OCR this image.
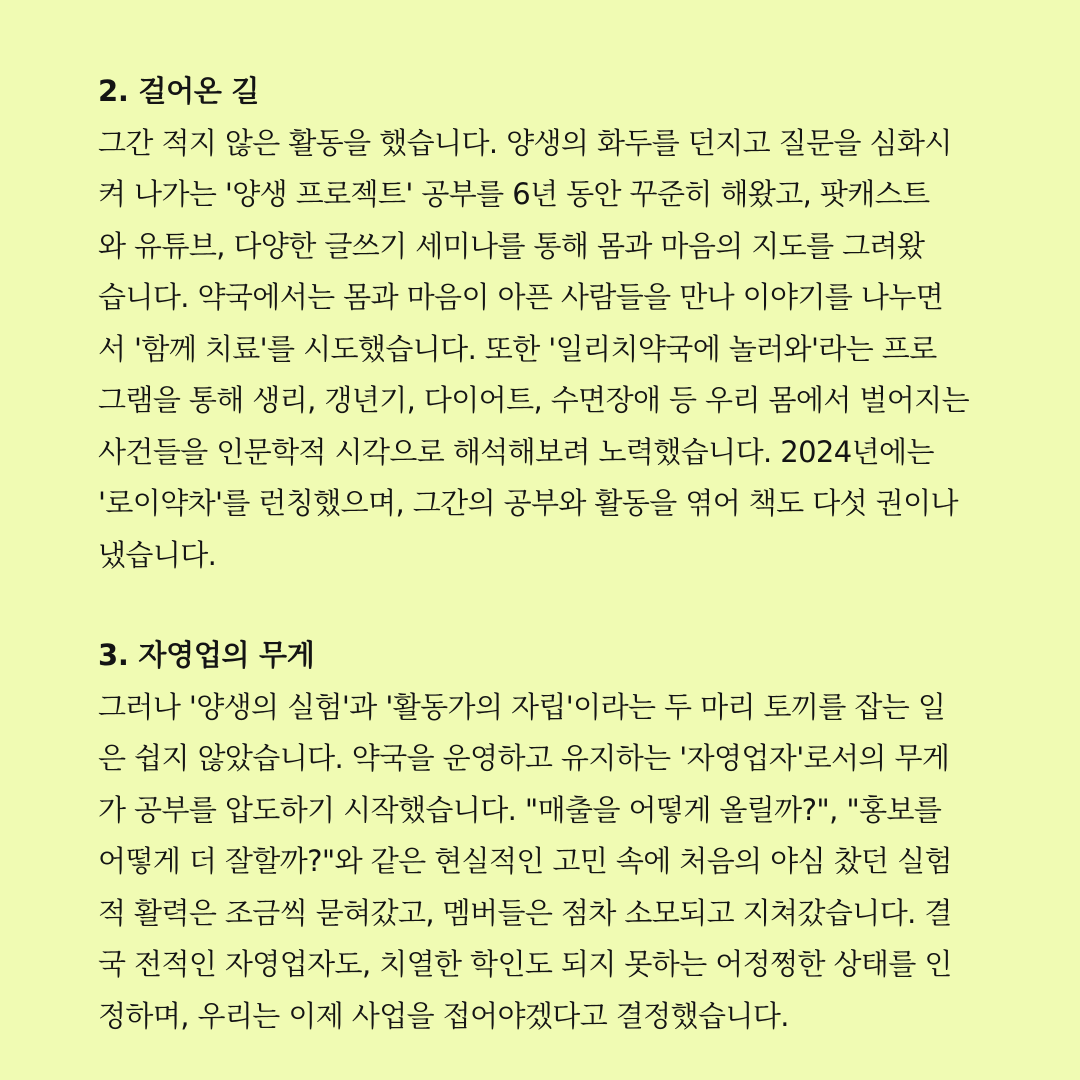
2. 걸어온 길

그간 적지 않은 활동을 했습니다. 양생의 화두를 던지고 질문을 심화시

켜 나가는 '양생 프로젝트' 공부를 6년 동안 꾸준히 해왔고, 팟캐스트

와 유튜브, 다양한 글쓰기 세미나를 통해 몸과 마음의 지도를 그려왔

습니다. 약국에서는 몸과 마음이 아픈 사람들을 만나 이야기를 나누면

서 '함께 치료'를 시도했습니다. 또한 '일리치약국에 놀러와'라는 프로

그램을 통해 생리, 갱년기, 다이어트, 수면장애 등 우리 몸에서 벌어지는

사건들을 인문학적 시각으로 해석해보려 노력했습니다. 2024년에는

'로이약차'를 런칭했으며, 그간의 공부와 활동을 엮어 책도 다섯 권이나

냈습니다.

3. 자영업의 무게

그러나 '양생의 실험'과 '활동가의 자립'이라는 두 마리 토끼를 잡는 일

은 쉽지 않았습니다. 약국을 운영하고 유지하는 '자영업자'로서의 무게

가 공부를 압도하기 시작했습니다. "매출을 어떻게 올릴까?", "홍보를

어떻게 더 잘할까?"와 같은 현실적인 고민 속에 처음의 야심 찼던 실험

적 활력은 조금씩 묻혀갔고, 멤버들은 점차 소모되고 지쳐갔습니다. 결

국 전적인 자영업자도, 치열한 학인도 되지 못하는 어정쩡한 상태를 인

정하며, 우리는 이제 사업을 접어야겠다고 결정했습니다.
